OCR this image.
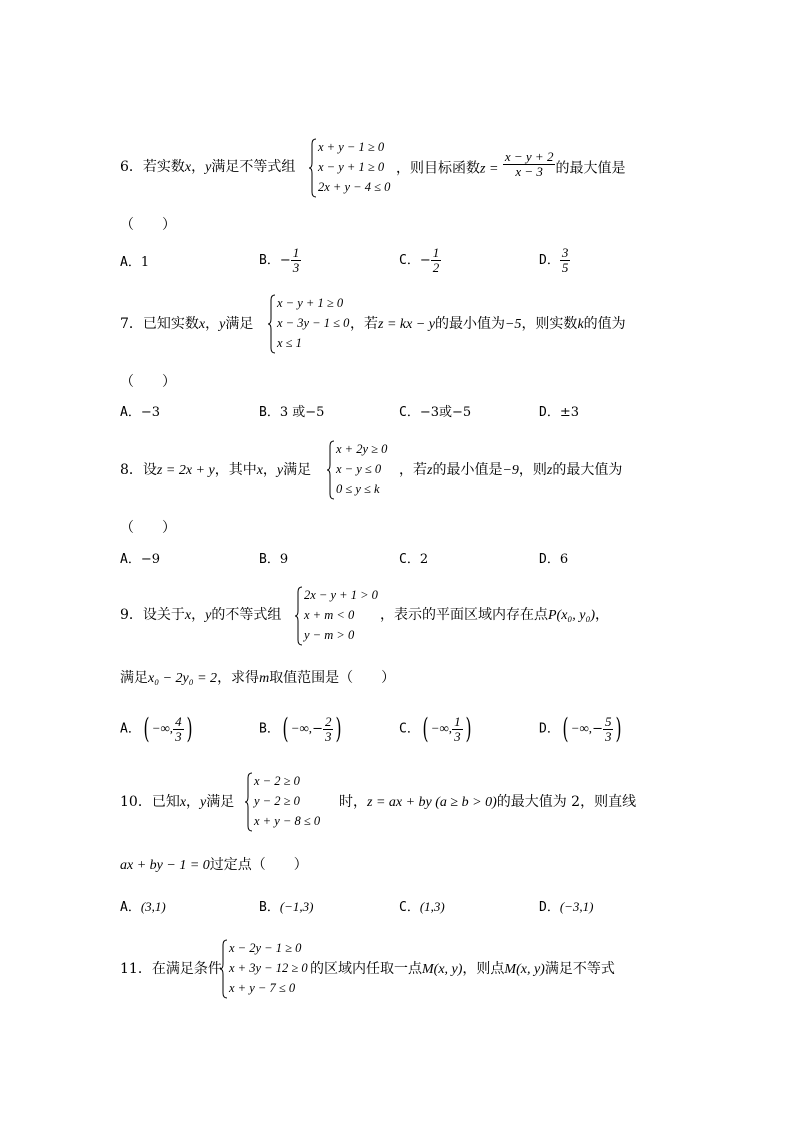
6．若实数x，y满足不等式组
x + y − 1 ≥ 0
x − y + 1 ≥ 0
2x + y − 4 ≤ 0
，则目标函数$z = \frac{x - y + 2}{x - 3}$ 的最大值是
（　　）
A．1	B．− $\frac{1}{3}$	C．− $\frac{1}{2}$	D． $\frac{3}{5}$
7．已知实数x，y满足
x − y + 1 ≥ 0
x − 3y − 1 ≤ 0
x ≤ 1
，若z = kx − y的最小值为−5，则实数k的值为
（　　）
A．−3	B．3 或−5	C．−3或−5	D．±3
8．设z = 2x + y，其中x，y满足
x + 2y ≥ 0
x − y ≤ 0
0 ≤ y ≤ k
，若z的最小值是−9，则z的最大值为
（　　）
A．−9	B．9	C．2	D．6
9．设关于x，y的不等式组
2x − y + 1 > 0
x + m < 0
y − m > 0
，表示的平面区域内存在点P(x₀, y₀)，
满足x₀ − 2y₀ = 2，求得m取值范围是（　　）
A．( −∞, $\frac{4}{3}$ )	B．( −∞,− $\frac{2}{3}$ )	C．( −∞, $\frac{1}{3}$ )	D．( −∞,− $\frac{5}{3}$ )
10．已知x，y满足
x − 2 ≥ 0
y − 2 ≥ 0
x + y − 8 ≤ 0
　时，z = ax + by (a ≥ b > 0)的最大值为 2，则直线
ax + by − 1 = 0过定点（　　）
A．(3,1)	B．(−1,3)	C．(1,3)	D．(−3,1)
11．在满足条件
x − 2y − 1 ≥ 0
x + 3y − 12 ≥ 0
x + y − 7 ≤ 0
的区域内任取一点M(x, y)，则点M(x, y)满足不等式
